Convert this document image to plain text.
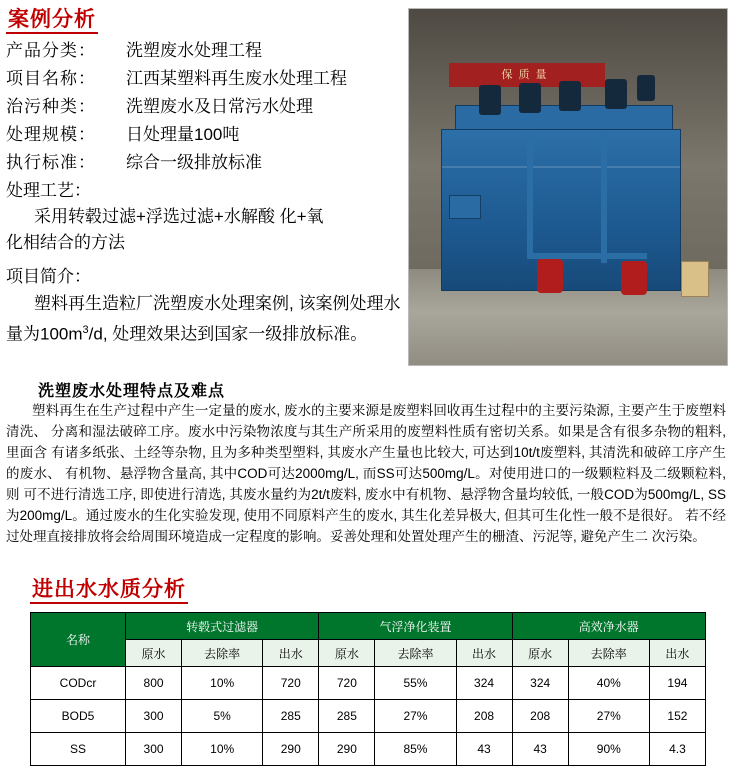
案例分析
产品分类：	洗塑废水处理工程
项目名称：	江西某塑料再生废水处理工程
治污种类：	洗塑废水及日常污水处理
处理规模：	日处理量100吨
执行标准：	综合一级排放标准
处理工艺：
采用转毂过滤+浮选过滤+水解酸 化+氧
化相结合的方法
项目简介：
塑料再生造粒厂洗塑废水处理案例, 该案例处理水量为$100m^3/d$, 处理效果达到国家一级排放标准。
保质量
洗塑废水处理特点及难点

塑料再生在生产过程中产生一定量的废水, 废水的主要来源是废塑料回收再生过程中的主要污染源, 主要产生于废塑料清洗、 分离和湿法破碎工序。废水中污染物浓度与其生产所采用的废塑料性质有密切关系。如果是含有很多杂物的粗料, 里面含 有诸多纸张、土经等杂物, 且为多种类型塑料, 其废水产生量也比较大, 可达到10t/t废塑料, 其清洗和破碎工序产生的废水、 有机物、悬浮物含量高, 其中COD可达2000mg/L, 而SS可达500mg/L。对使用进口的一级颗粒料及二级颗粒料, 则 可不进行清选工序, 即使进行清选, 其废水量约为2t/t废料, 废水中有机物、悬浮物含量均较低, 一般COD为500mg/L, SS为200mg/L。通过废水的生化实验发现, 使用不同原料产生的废水, 其生化差异极大, 但其可生化性一般不是很好。 若不经过处理直接排放将会给周围环境造成一定程度的影响。妥善处理和处置处理产生的栅渣、污泥等, 避免产生二 次污染。

进出水水质分析
名称	转毂式过滤器			气浮净化装置			高效净水器		
	原水	去除率	出水	原水	去除率	出水	原水	去除率	出水
CODcr	800	10%	720	720	55%	324	324	40%	194
BOD5	300	5%	285	285	27%	208	208	27%	152
SS	300	10%	290	290	85%	43	43	90%	4.3
